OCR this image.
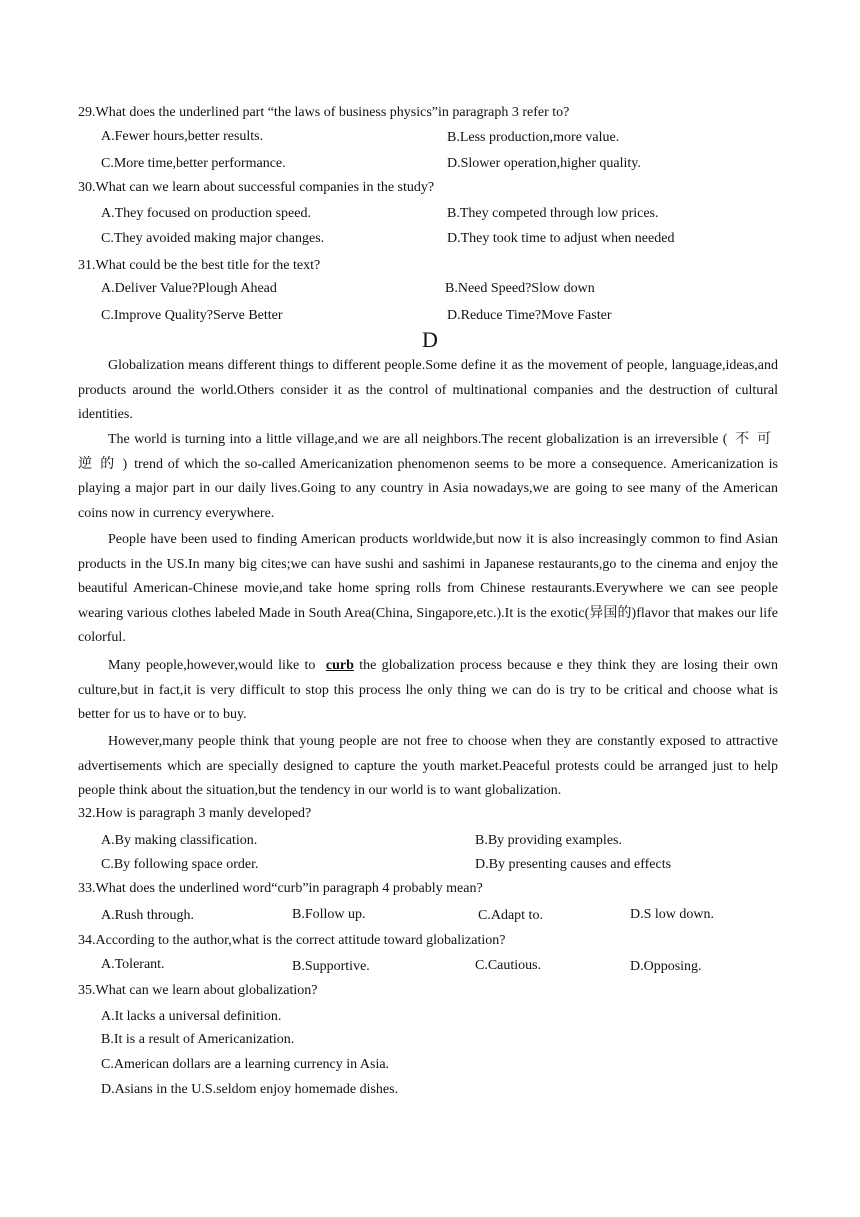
29.What does the underlined part “the laws of business physics”in paragraph 3 refer to?
A.Fewer hours,better results.	B.Less production,more value.
C.More time,better performance.	D.Slower operation,higher quality.
30.What can we learn about successful companies in the study?
A.They focused on production speed.	B.They competed through low prices.
C.They avoided making major changes.	D.They took time to adjust when needed
31.What could be the best title for the text?
A.Deliver Value?Plough Ahead	B.Need Speed?Slow down
C.Improve Quality?Serve Better	D.Reduce Time?Move Faster
D
Globalization means different things to different people.Some define it as the movement of people, language,ideas,and products around the world.Others consider it as the control of multinational companies and the destruction of cultural identities.
The world is turning into a little village,and we are all neighbors.The recent globalization is an irreversible (不可逆的)trend of which the so-called Americanization phenomenon seems to be more a consequence. Americanization is playing a major part in our daily lives.Going to any country in Asia nowadays,we are going to see many of the American coins now in currency everywhere.
People have been used to finding American products worldwide,but now it is also increasingly common to find Asian products in the US.In many big cites;we can have sushi and sashimi in Japanese restaurants,go to the cinema and enjoy the beautiful American-Chinese movie,and take home spring rolls from Chinese restaurants.Everywhere we can see people wearing various clothes labeled Made in South Area(China, Singapore,etc.).It is the exotic(异国的)flavor that makes our life colorful.
Many people,however,would like to curb the globalization process because e they think they are losing their own culture,but in fact,it is very difficult to stop this process lhe only thing we can do is try to be critical and choose what is better for us to have or to buy.
However,many people think that young people are not free to choose when they are constantly exposed to attractive advertisements which are specially designed to capture the youth market.Peaceful protests could be arranged just to help people think about the situation,but the tendency in our world is to want globalization.
32.How is paragraph 3 manly developed?
A.By making classification.	B.By providing examples.
C.By following space order.	D.By presenting causes and effects
33.What does the underlined word“curb”in paragraph 4 probably mean?
A.Rush through.	B.Follow up.	C.Adapt to.	D.S low down.
34.According to the author,what is the correct attitude toward globalization?
A.Tolerant.	B.Supportive.	C.Cautious.	D.Opposing.
35.What can we learn about globalization?
A.It lacks a universal definition.
B.It is a result of Americanization.
C.American dollars are a learning currency in Asia.
D.Asians in the U.S.seldom enjoy homemade dishes.
